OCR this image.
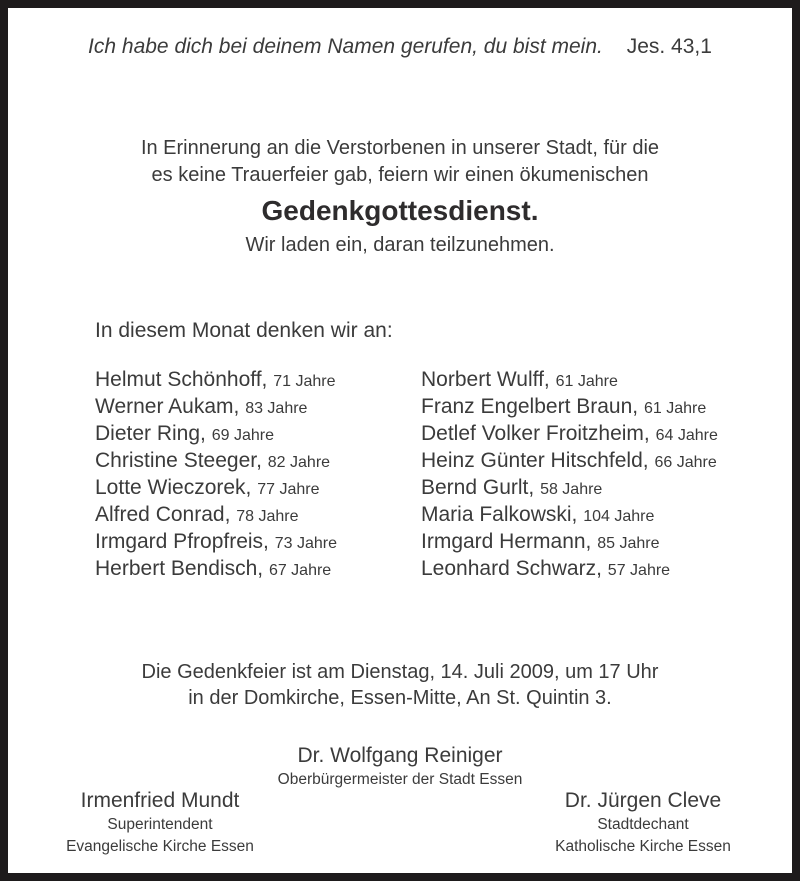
Ich habe dich bei deinem Namen gerufen, du bist mein. Jes. 43,1
In Erinnerung an die Verstorbenen in unserer Stadt, für die
es keine Trauerfeier gab, feiern wir einen ökumenischen
Gedenkgottesdienst.
Wir laden ein, daran teilzunehmen.
In diesem Monat denken wir an:
Helmut Schönhoff, 71 Jahre
Werner Aukam, 83 Jahre
Dieter Ring, 69 Jahre
Christine Steeger, 82 Jahre
Lotte Wieczorek, 77 Jahre
Alfred Conrad, 78 Jahre
Irmgard Pfropfreis, 73 Jahre
Herbert Bendisch, 67 Jahre
Norbert Wulff, 61 Jahre
Franz Engelbert Braun, 61 Jahre
Detlef Volker Froitzheim, 64 Jahre
Heinz Günter Hitschfeld, 66 Jahre
Bernd Gurlt, 58 Jahre
Maria Falkowski, 104 Jahre
Irmgard Hermann, 85 Jahre
Leonhard Schwarz, 57 Jahre
Die Gedenkfeier ist am Dienstag, 14. Juli 2009, um 17 Uhr
in der Domkirche, Essen-Mitte, An St. Quintin 3.
Dr. Wolfgang Reiniger
Oberbürgermeister der Stadt Essen
Irmenfried Mundt
Superintendent
Evangelische Kirche Essen
Dr. Jürgen Cleve
Stadtdechant
Katholische Kirche Essen
